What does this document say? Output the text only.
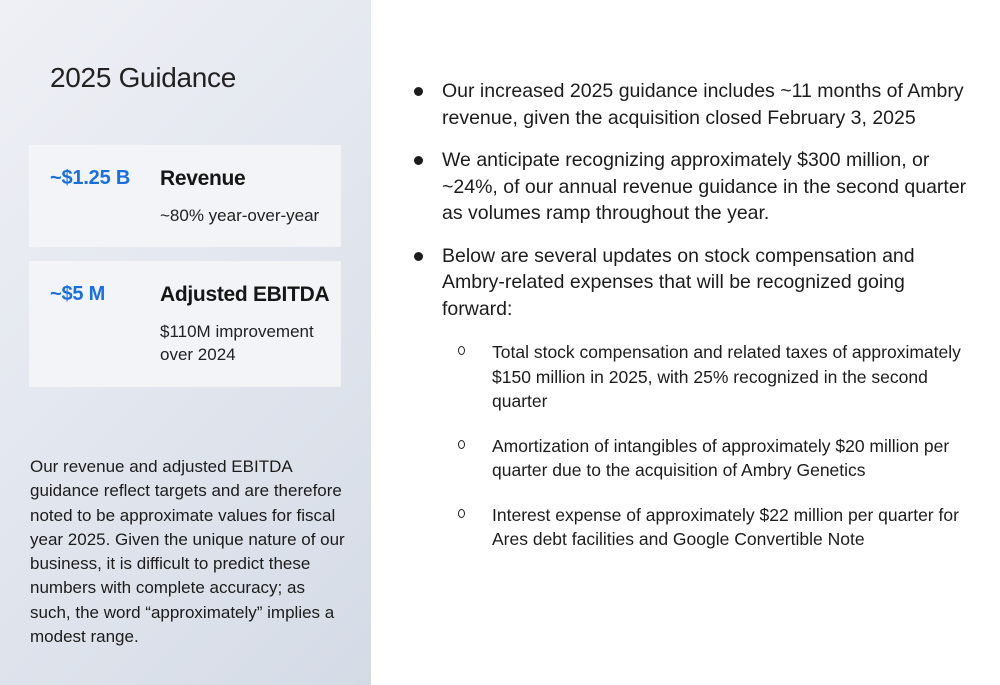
2025 Guidance
~$1.25 B Revenue
~80% year-over-year
~$5 M	Adjusted EBITDA
$110M improvement over 2024
Our revenue and adjusted EBITDA guidance reflect targets and are therefore noted to be approximate values for fiscal year 2025. Given the unique nature of our business, it is difficult to predict these numbers with complete accuracy; as such, the word “approximately” implies a modest range.
Our increased 2025 guidance includes ~11 months of Ambry revenue, given the acquisition closed February 3, 2025
We anticipate recognizing approximately $300 million, or ~24%, of our annual revenue guidance in the second quarter as volumes ramp throughout the year.
Below are several updates on stock compensation and Ambry-related expenses that will be recognized going forward:
Total stock compensation and related taxes of approximately $150 million in 2025, with 25% recognized in the second quarter
Amortization of intangibles of approximately $20 million per quarter due to the acquisition of Ambry Genetics
Interest expense of approximately $22 million per quarter for Ares debt facilities and Google Convertible Note
